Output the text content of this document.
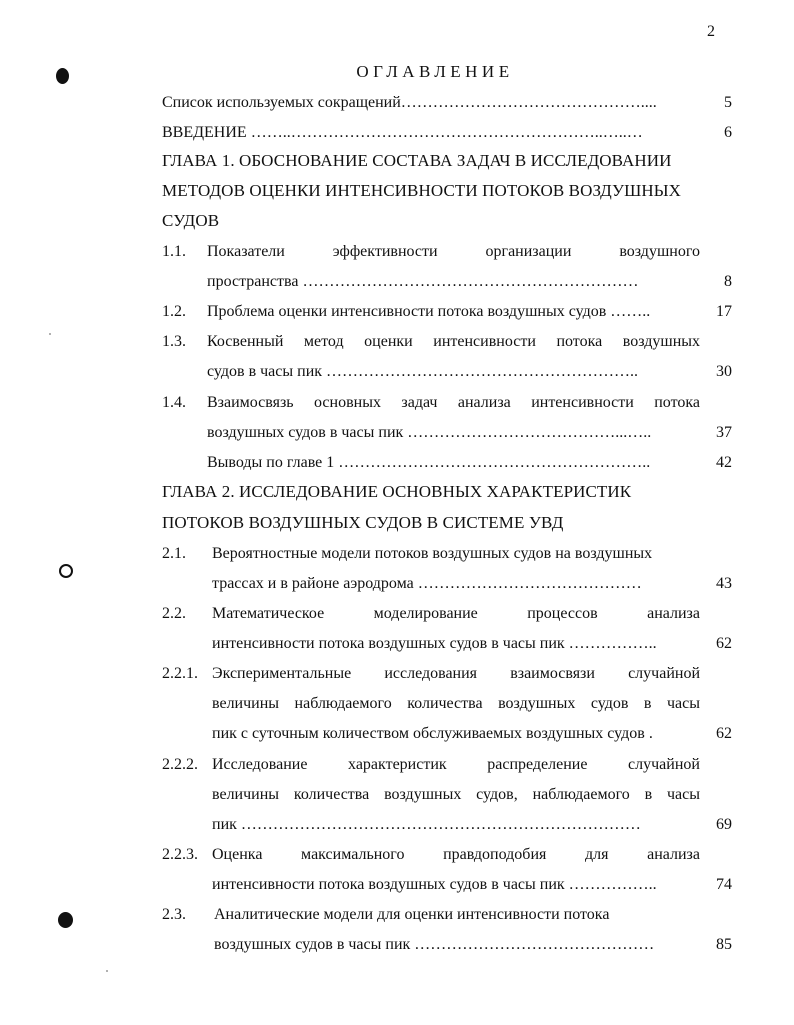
2
ОГЛАВЛЕНИЕ
Список используемых сокращений………………………………………....	5
ВВЕДЕНИЕ ……..…………………………………………………..…..…	6
ГЛАВА 1. ОБОСНОВАНИЕ СОСТАВА ЗАДАЧ В ИССЛЕДОВАНИИ
МЕТОДОВ ОЦЕНКИ ИНТЕНСИВНОСТИ ПОТОКОВ ВОЗДУШНЫХ
СУДОВ
1.1. Показатели	эффективности	организации	воздушного
пространства ………………………………………………………	8
1.2. Проблема оценки интенсивности потока воздушных судов ……..	17
1.3. Косвенный метод оценки интенсивности потока воздушных
судов в часы пик …………………………………………………..	30
1.4. Взаимосвязь основных задач анализа интенсивности потока
воздушных судов в часы пик …………………………………...…..	37
Выводы по главе 1 …………………………………………………..	42
ГЛАВА 2. ИССЛЕДОВАНИЕ ОСНОВНЫХ ХАРАКТЕРИСТИК
ПОТОКОВ ВОЗДУШНЫХ СУДОВ В СИСТЕМЕ УВД
2.1. Вероятностные модели потоков воздушных судов на воздушных
трассах и в районе аэродрома ……………………………………	43
2.2. Математическое	моделирование	процессов	анализа
интенсивности потока воздушных судов в часы пик ……………..	62
2.2.1. Экспериментальные исследования взаимосвязи случайной
величины наблюдаемого количества воздушных судов в часы
пик с суточным количеством обслуживаемых воздушных судов .	62
2.2.2. Исследование	характеристик	распределение	случайной
величины количества воздушных судов, наблюдаемого в часы
пик …………………………………………………………………	69
2.2.3. Оценка максимального правдоподобия для анализа
интенсивности потока воздушных судов в часы пик ……………..	74
2.3. Аналитические модели для оценки интенсивности потока
воздушных судов в часы пик ………………………………………	85
